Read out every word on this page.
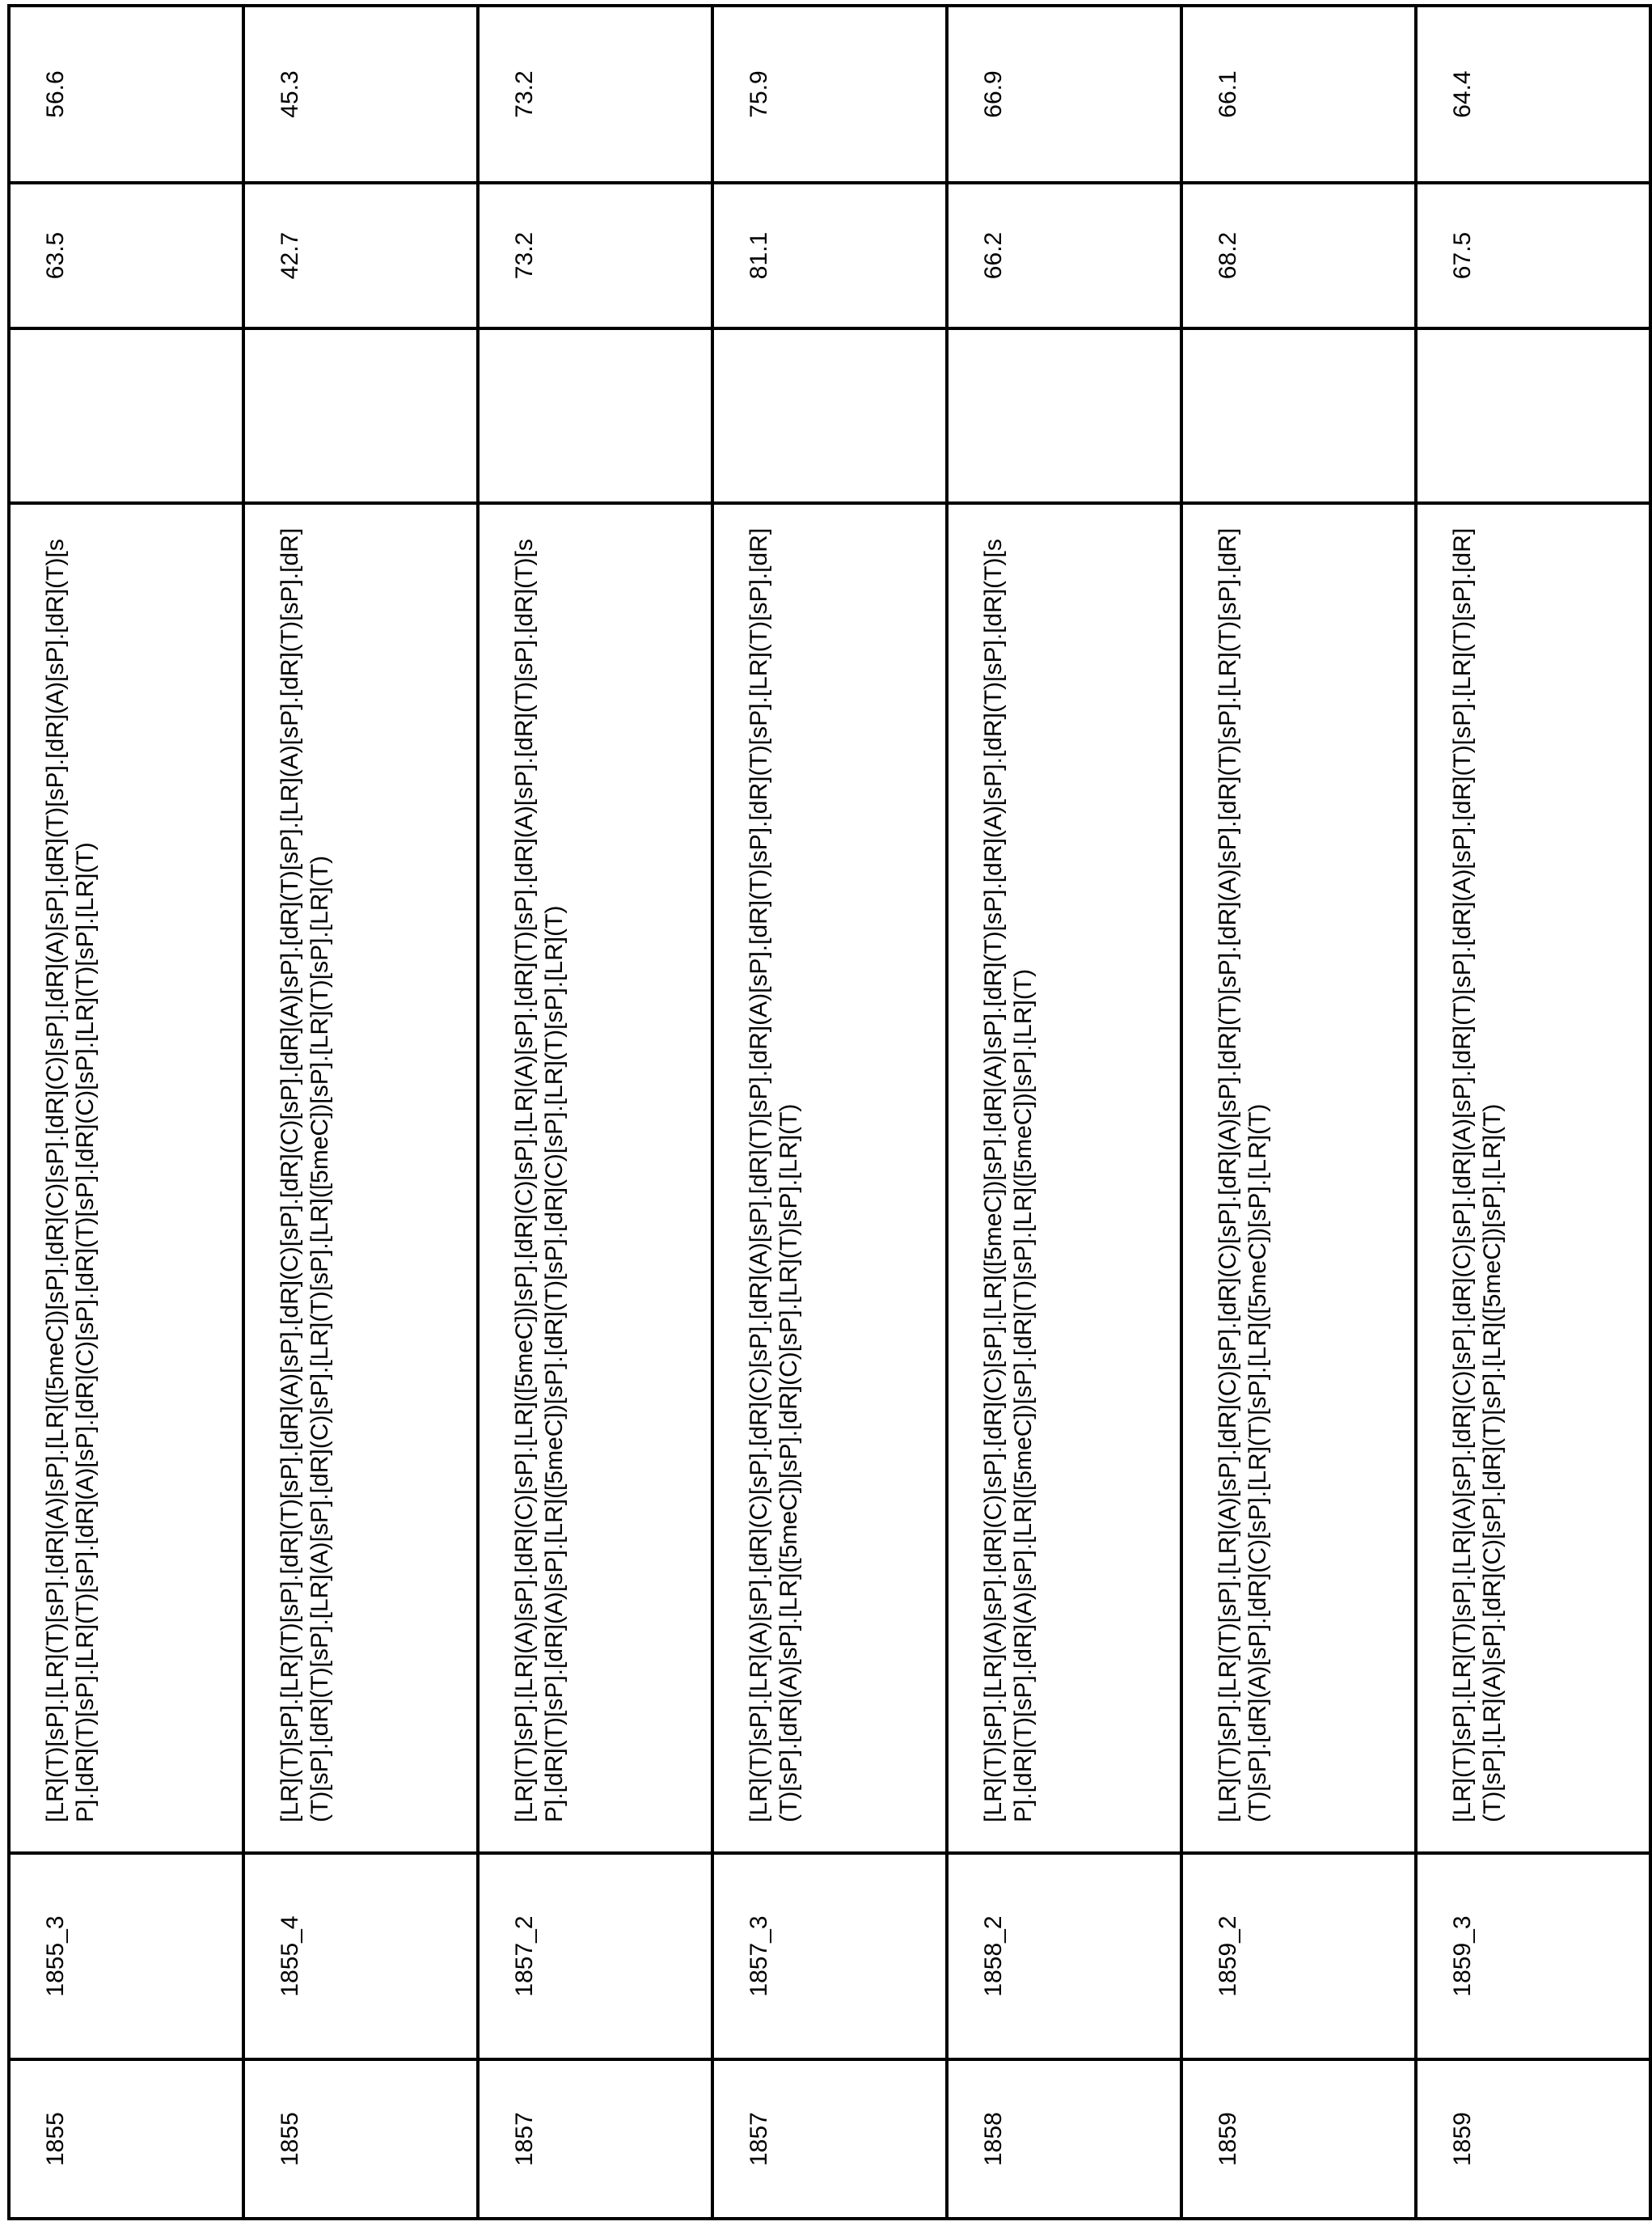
1855	1855_3	[LR](T)[sP].[LR](T)[sP].[dR](A)[sP].[LR]([5meC])[sP].[dR](C)[sP].[dR](C)[sP].[dR](A)[sP].[dR](T)[sP].[dR](A)[sP].[dR](T)[sP].[dR](T)[sP].[LR](T)[sP].[dR](A)[sP].[dR](C)[sP].[dR](T)[sP].[dR](C)[sP].[LR](T)[sP].[LR](T)		63.5	56.6
1855	1855_4	[LR](T)[sP].[LR](T)[sP].[dR](T)[sP].[dR](A)[sP].[dR](C)[sP].[dR](C)[sP].[dR](A)[sP].[dR](T)[sP].[LR](A)[sP].[dR](T)[sP].[dR](T)[sP].[dR](T)[sP].[LR](A)[sP].[dR](C)[sP].[LR](T)[sP].[LR]([5meC])[sP].[LR](T)[sP].[LR](T)		42.7	45.3
1857	1857_2	[LR](T)[sP].[LR](A)[sP].[dR](C)[sP].[LR]([5meC])[sP].[dR](C)[sP].[LR](A)[sP].[dR](T)[sP].[dR](A)[sP].[dR](T)[sP].[dR](T)[sP].[dR](T)[sP].[dR](A)[sP].[LR]([5meC])[sP].[dR](T)[sP].[dR](C)[sP].[LR](T)[sP].[LR](T)		73.2	73.2
1857	1857_3	[LR](T)[sP].[LR](A)[sP].[dR](C)[sP].[dR](C)[sP].[dR](A)[sP].[dR](T)[sP].[dR](A)[sP].[dR](T)[sP].[dR](T)[sP].[LR](T)[sP].[dR](T)[sP].[dR](A)[sP].[LR]([5meC])[sP].[dR](C)[sP].[LR](T)[sP].[LR](T)		81.1	75.9
1858	1858_2	[LR](T)[sP].[LR](A)[sP].[dR](C)[sP].[dR](C)[sP].[LR]([5meC])[sP].[dR](A)[sP].[dR](T)[sP].[dR](A)[sP].[dR](T)[sP].[dR](T)[sP].[dR](T)[sP].[dR](A)[sP].[LR]([5meC])[sP].[dR](T)[sP].[LR]([5meC])[sP].[LR](T)		66.2	66.9
1859	1859_2	[LR](T)[sP].[LR](T)[sP].[LR](A)[sP].[dR](C)[sP].[dR](C)[sP].[dR](A)[sP].[dR](T)[sP].[dR](A)[sP].[dR](T)[sP].[LR](T)[sP].[dR](T)[sP].[dR](A)[sP].[dR](C)[sP].[LR](T)[sP].[LR]([5meC])[sP].[LR](T)		68.2	66.1
1859	1859_3	[LR](T)[sP].[LR](T)[sP].[LR](A)[sP].[dR](C)[sP].[dR](C)[sP].[dR](A)[sP].[dR](T)[sP].[dR](A)[sP].[dR](T)[sP].[LR](T)[sP].[dR](T)[sP].[LR](A)[sP].[dR](C)[sP].[dR](T)[sP].[LR]([5meC])[sP].[LR](T)		67.5	64.4
